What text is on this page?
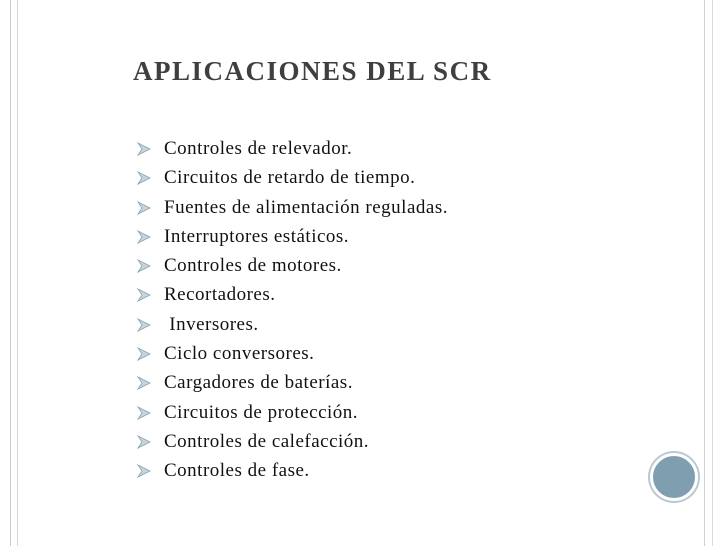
APLICACIONES DEL SCR
Controles de relevador.
Circuitos de retardo de tiempo.
Fuentes de alimentación reguladas.
Interruptores estáticos.
Controles de motores.
Recortadores.
Inversores.
Ciclo conversores.
Cargadores de baterías.
Circuitos de protección.
Controles de calefacción.
Controles de fase.
